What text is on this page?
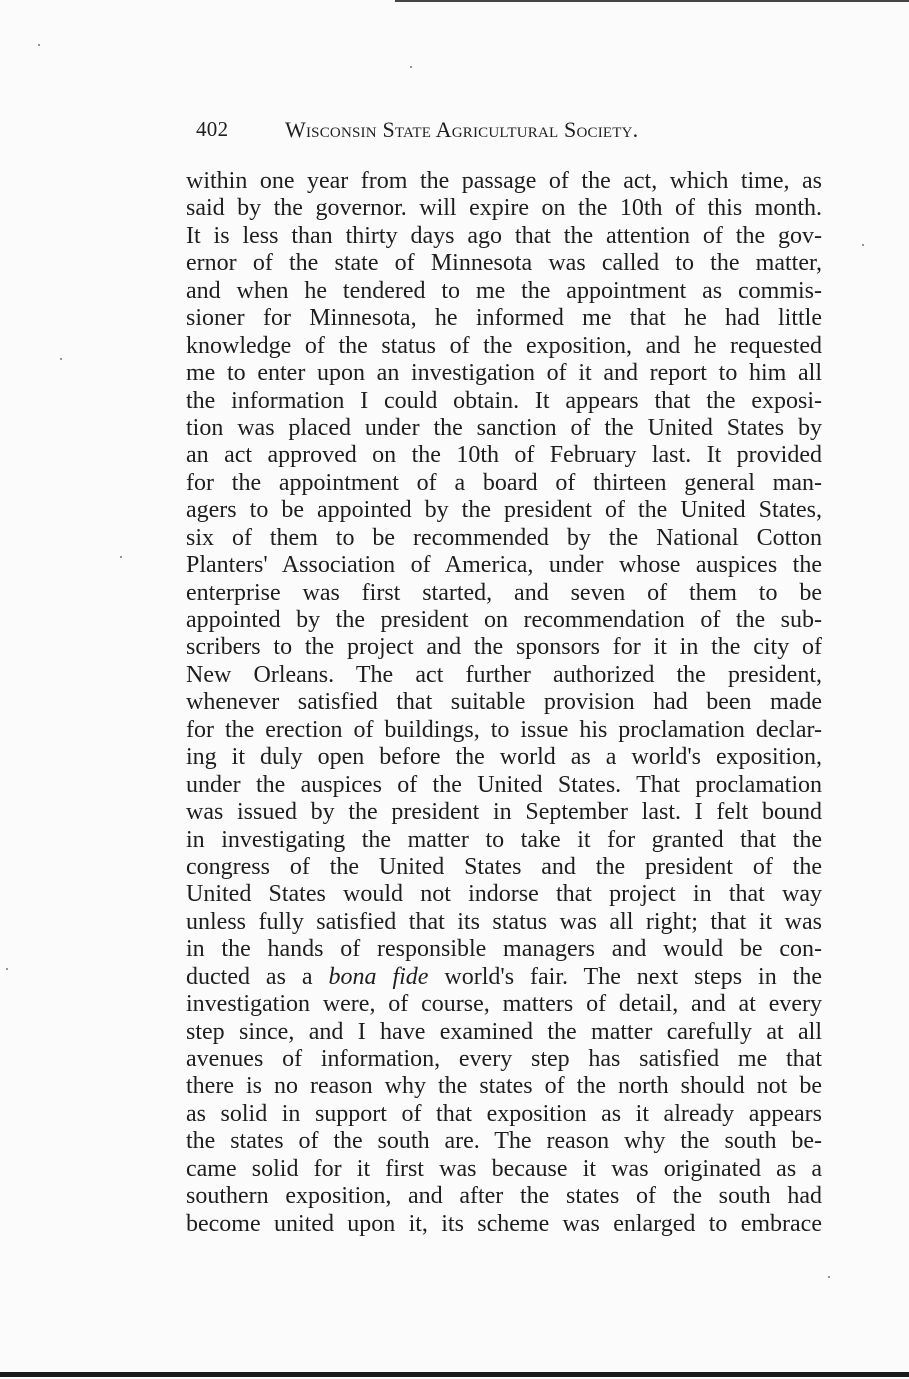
402	Wisconsin State Agricultural Society.
within one year from the passage of the act, which time, as
said by the governor. will expire on the 10th of this month.
It is less than thirty days ago that the attention of the gov-
ernor of the state of Minnesota was called to the matter,
and when he tendered to me the appointment as commis-
sioner for Minnesota, he informed me that he had little
knowledge of the status of the exposition, and he requested
me to enter upon an investigation of it and report to him all
the information I could obtain. It appears that the exposi-
tion was placed under the sanction of the United States by
an act approved on the 10th of February last. It provided
for the appointment of a board of thirteen general man-
agers to be appointed by the president of the United States,
six of them to be recommended by the National Cotton
Planters' Association of America, under whose auspices the
enterprise was first started, and seven of them to be
appointed by the president on recommendation of the sub-
scribers to the project and the sponsors for it in the city of
New Orleans. The act further authorized the president,
whenever satisfied that suitable provision had been made
for the erection of buildings, to issue his proclamation declar-
ing it duly open before the world as a world's exposition,
under the auspices of the United States. That proclamation
was issued by the president in September last. I felt bound
in investigating the matter to take it for granted that the
congress of the United States and the president of the
United States would not indorse that project in that way
unless fully satisfied that its status was all right; that it was
in the hands of responsible managers and would be con-
ducted as a bona fide world's fair. The next steps in the
investigation were, of course, matters of detail, and at every
step since, and I have examined the matter carefully at all
avenues of information, every step has satisfied me that
there is no reason why the states of the north should not be
as solid in support of that exposition as it already appears
the states of the south are. The reason why the south be-
came solid for it first was because it was originated as a
southern exposition, and after the states of the south had
become united upon it, its scheme was enlarged to embrace
